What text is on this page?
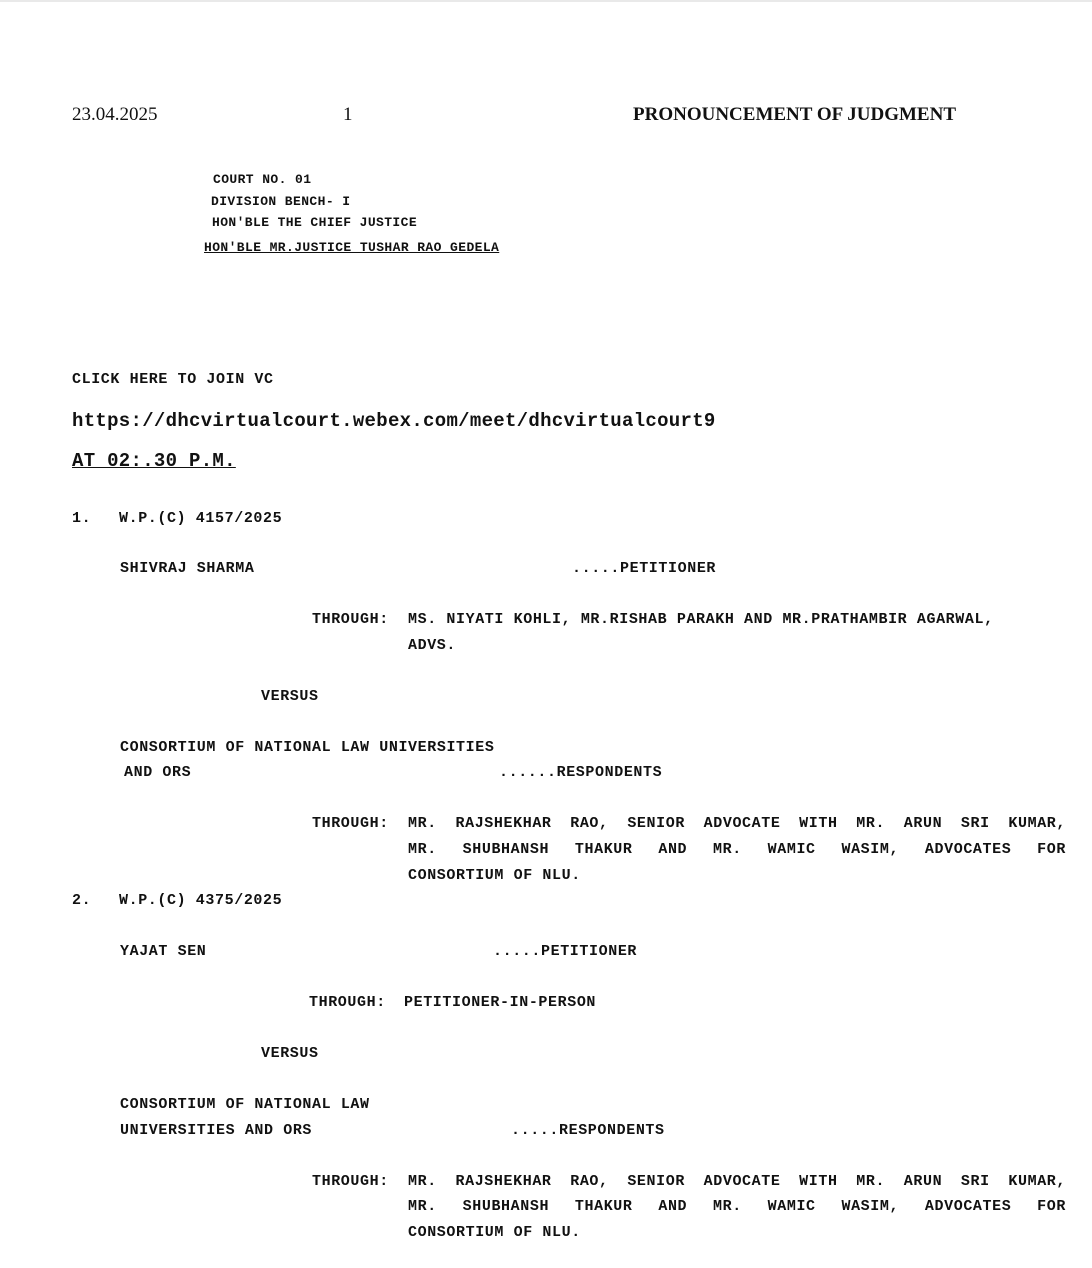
23.04.2025	1	PRONOUNCEMENT OF JUDGMENT
COURT NO. 01
DIVISION BENCH- I
HON'BLE THE CHIEF JUSTICE
HON'BLE MR.JUSTICE TUSHAR RAO GEDELA
CLICK HERE TO JOIN VC
https://dhcvirtualcourt.webex.com/meet/dhcvirtualcourt9
AT 02:.30 P.M.
1. W.P.(C) 4157/2025
SHIVRAJ SHARMA	.....PETITIONER
THROUGH: MS. NIYATI KOHLI, MR.RISHAB PARAKH AND MR.PRATHAMBIR AGARWAL,
ADVS.
VERSUS
CONSORTIUM OF NATIONAL LAW UNIVERSITIES
AND ORS	......RESPONDENTS
THROUGH: MR. RAJSHEKHAR RAO, SENIOR ADVOCATE WITH MR. ARUN SRI KUMAR,
MR. SHUBHANSH THAKUR AND MR. WAMIC WASIM, ADVOCATES FOR
CONSORTIUM OF NLU.
2. W.P.(C) 4375/2025
YAJAT SEN	.....PETITIONER
THROUGH: PETITIONER-IN-PERSON
VERSUS
CONSORTIUM OF NATIONAL LAW
UNIVERSITIES AND ORS	.....RESPONDENTS
THROUGH: MR. RAJSHEKHAR RAO, SENIOR ADVOCATE WITH MR. ARUN SRI KUMAR,
MR. SHUBHANSH THAKUR AND MR. WAMIC WASIM, ADVOCATES FOR
CONSORTIUM OF NLU.
